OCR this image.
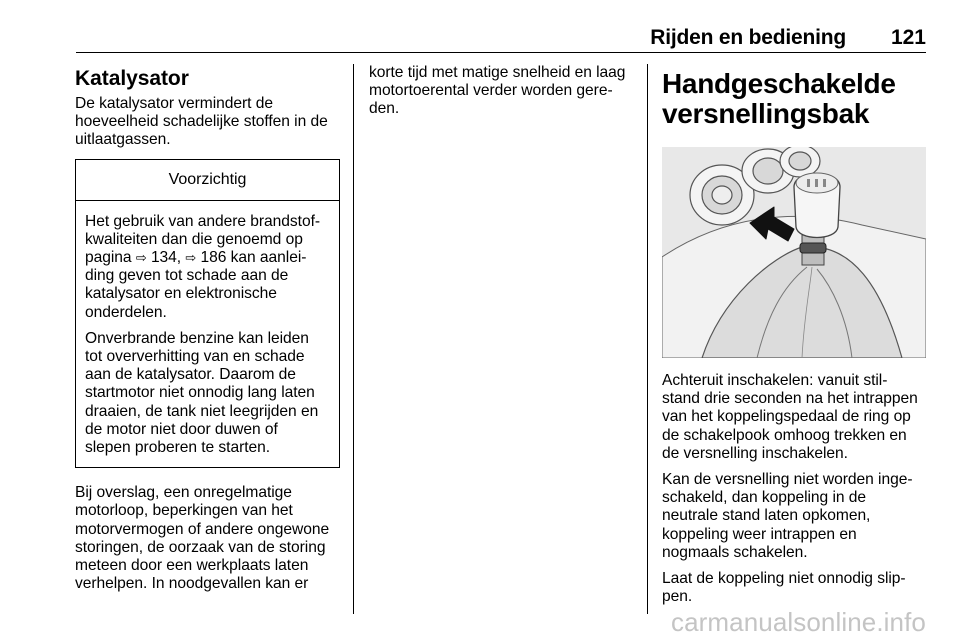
Rijden en bediening 121
Katalysator

De katalysator vermindert de
hoeveelheid schadelijke stoffen in de
uitlaatgassen.

Voorzichtig

Het gebruik van andere brandstof-
kwaliteiten dan die genoemd op
pagina ⇨ 134, ⇨ 186 kan aanlei-
ding geven tot schade aan de
katalysator en elektronische
onderdelen.

Onverbrande benzine kan leiden
tot oververhitting van en schade
aan de katalysator. Daarom de
startmotor niet onnodig lang laten
draaien, de tank niet leegrijden en
de motor niet door duwen of
slepen proberen te starten.

Bij overslag, een onregelmatige
motorloop, beperkingen van het
motorvermogen of andere ongewone
storingen, de oorzaak van de storing
meteen door een werkplaats laten
verhelpen. In noodgevallen kan er

korte tijd met matige snelheid en laag
motortoerental verder worden gere-
den.

Handgeschakelde
versnellingsbak

Achteruit inschakelen: vanuit stil-
stand drie seconden na het intrappen
van het koppelingspedaal de ring op
de schakelpook omhoog trekken en
de versnelling inschakelen.

Kan de versnelling niet worden inge-
schakeld, dan koppeling in de
neutrale stand laten opkomen,
koppeling weer intrappen en
nogmaals schakelen.

Laat de koppeling niet onnodig slip-
pen.

carmanualsonline.info
